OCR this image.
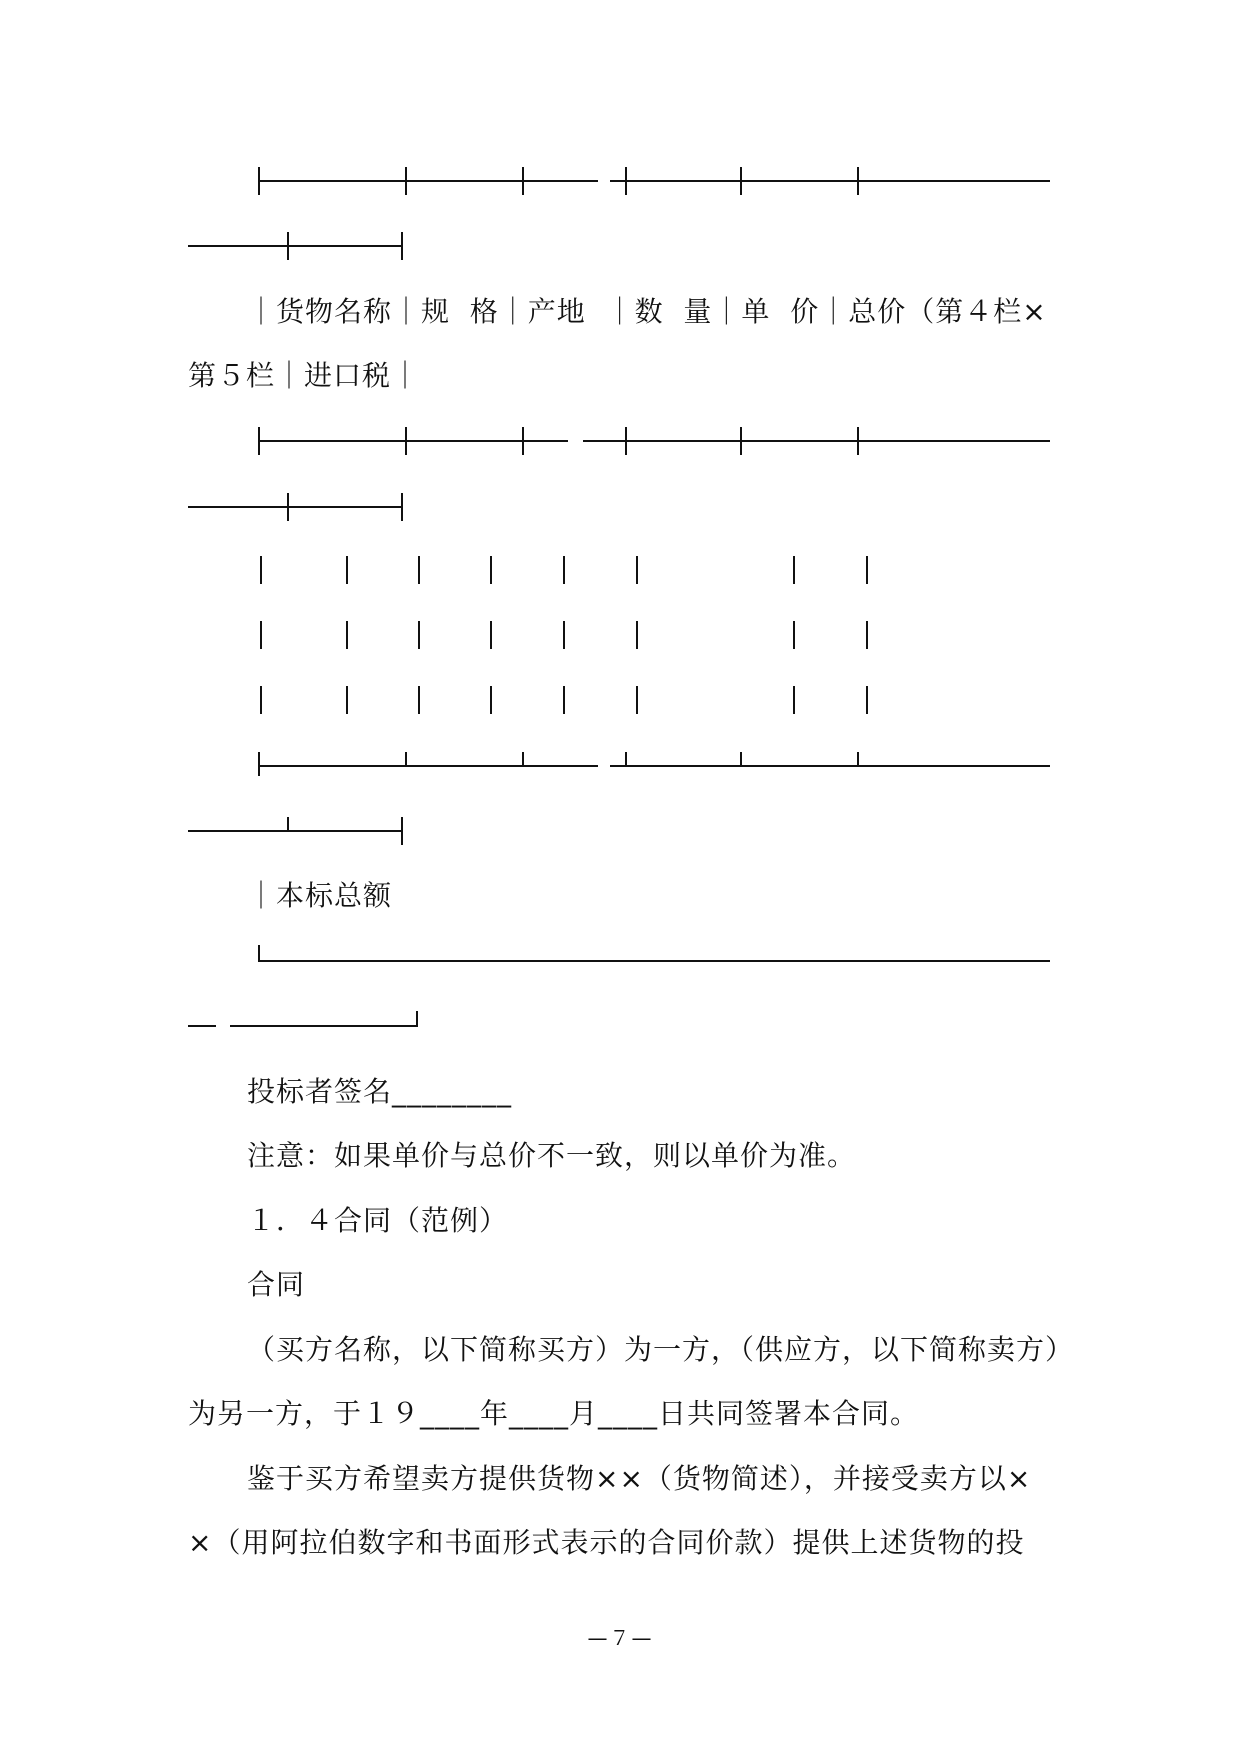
｜货物名称｜规  格｜产地  ｜数  量｜单  价｜总价（第４栏×
第５栏｜进口税｜
｜本标总额
投标者签名________
注意：如果单价与总价不一致，则以单价为准。
１．４合同（范例）
合同
（买方名称，以下简称买方）为一方，（供应方，以下简称卖方）
为另一方，于１９____年____月____日共同签署本合同。
鉴于买方希望卖方提供货物××（货物简述），并接受卖方以×
×（用阿拉伯数字和书面形式表示的合同价款）提供上述货物的投
—７—
